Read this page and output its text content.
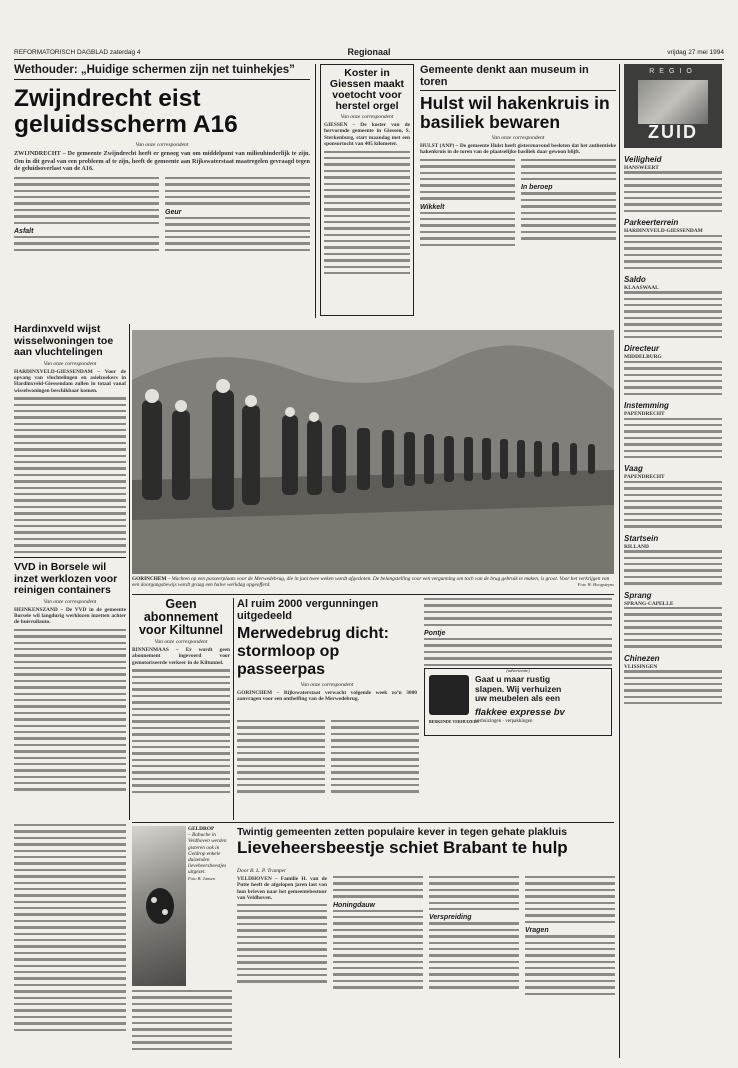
REFORMATORISCH DAGBLAD zaterdag 4	Regionaal	vrijdag 27 mei 1994
Wethouder: „Huidige schermen zijn net tuinhekjes”
Zwijndrecht eist geluidsscherm A16
Van onze correspondent
ZWIJNDRECHT – De gemeente Zwijndrecht heeft er genoeg van om middelpunt van milieuhinderlijk te zijn. Om in dit geval van een probleem af te zijn, heeft de gemeente aan Rijkswaterstaat maatregelen gevraagd tegen de geluidsoverlast van de A16.
Asfalt
Geur
Koster in Giessen maakt voetocht voor herstel orgel
Van onze correspondent
GIESSEN – De koster van de hervormde gemeente in Giessen, S. Sterkenburg, start maandag met een sponsortocht van 405 kilometer.
Gemeente denkt aan museum in toren
Hulst wil hakenkruis in basiliek bewaren
Van onze correspondent
HULST (ANP) – De gemeente Hulst heeft gisterenavond besloten dat het authentieke hakenkruis in de toren van de plaatselijke basiliek daar gewoon blijft.
Wikkelt
In beroep
REGIO
ZUID
Veiligheid
HANSWEERT
Parkeerterrein
HARDINXVELD-GIESSENDAM
Saldo
KLAASWAAL
Directeur
MIDDELBURG
Instemming
PAPENDRECHT
Vaag
PAPENDRECHT
Startsein
RILLAND
Sprang
SPRANG-CAPELLE
Chinezen
VLISSINGEN
Hardinxveld wijst wisselwoningen toe aan vluchtelingen
Van onze correspondent
HARDINXVELD-GIESSENDAM – Voor de opvang van vluchtelingen en asielzoekers in Hardinxveld-Giessendam zullen in totaal vanaf wisselwoningen beschikbaar komen.
GORINCHEM – Wachten op een passeerplaats voor de Merwedebrug, die in juni twee weken wordt afgesloten. De belangstelling voor een vergunning om toch van de brug gebruik te maken, is groot. Voor het verkrijgen van een doorgangsbewijs wordt graag een halve werkdag opgeofferd.	Foto W. Hoogsteyns
VVD in Borsele wil inzet werklozen voor reinigen containers
Van onze correspondent
HEINKENSZAND – De VVD in de gemeente Borsele wil langdurig werklozen inzetten achter de huisvuilauto.
Geen abonnement voor Kiltunnel
Van onze correspondent
BINNENMAAS – Er wordt geen abonnement ingevoerd voor gemotoriseerde verkeer in de Kiltunnel.
Al ruim 2000 vergunningen uitgedeeld
Merwedebrug dicht: stormloop op passeerpas
Van onze correspondent
GORINCHEM – Rijkswaterstaat verwacht volgende week zo’n 3000 aanvragen voor een ontheffing van de Merwedebrug.
Pontje
(advertentie)
Gaat u maar rustig
slapen. Wij verhuizen
uw meubelen als een
flakkee expresse bv
verhuizingen · verpakkingen
BERKENDE VERHUIZERS
Twintig gemeenten zetten populaire kever in tegen gehate plakluis
Lieveheersbeestje schiet Brabant te hulp
GELDROP
– Babuche in Veldhoven werden gisteren ook in Geldrop enkele duizenden lieveheersbeestjes uitgezet.
Foto B. Jansen
Door B. L. P. Tramper
VELDHOVEN – Familie H. van de Putte heeft de afgelopen jaren last van hun brieven naar het gemeentebestuur van Veldhoven.
Honingdauw
Verspreiding
Vragen
